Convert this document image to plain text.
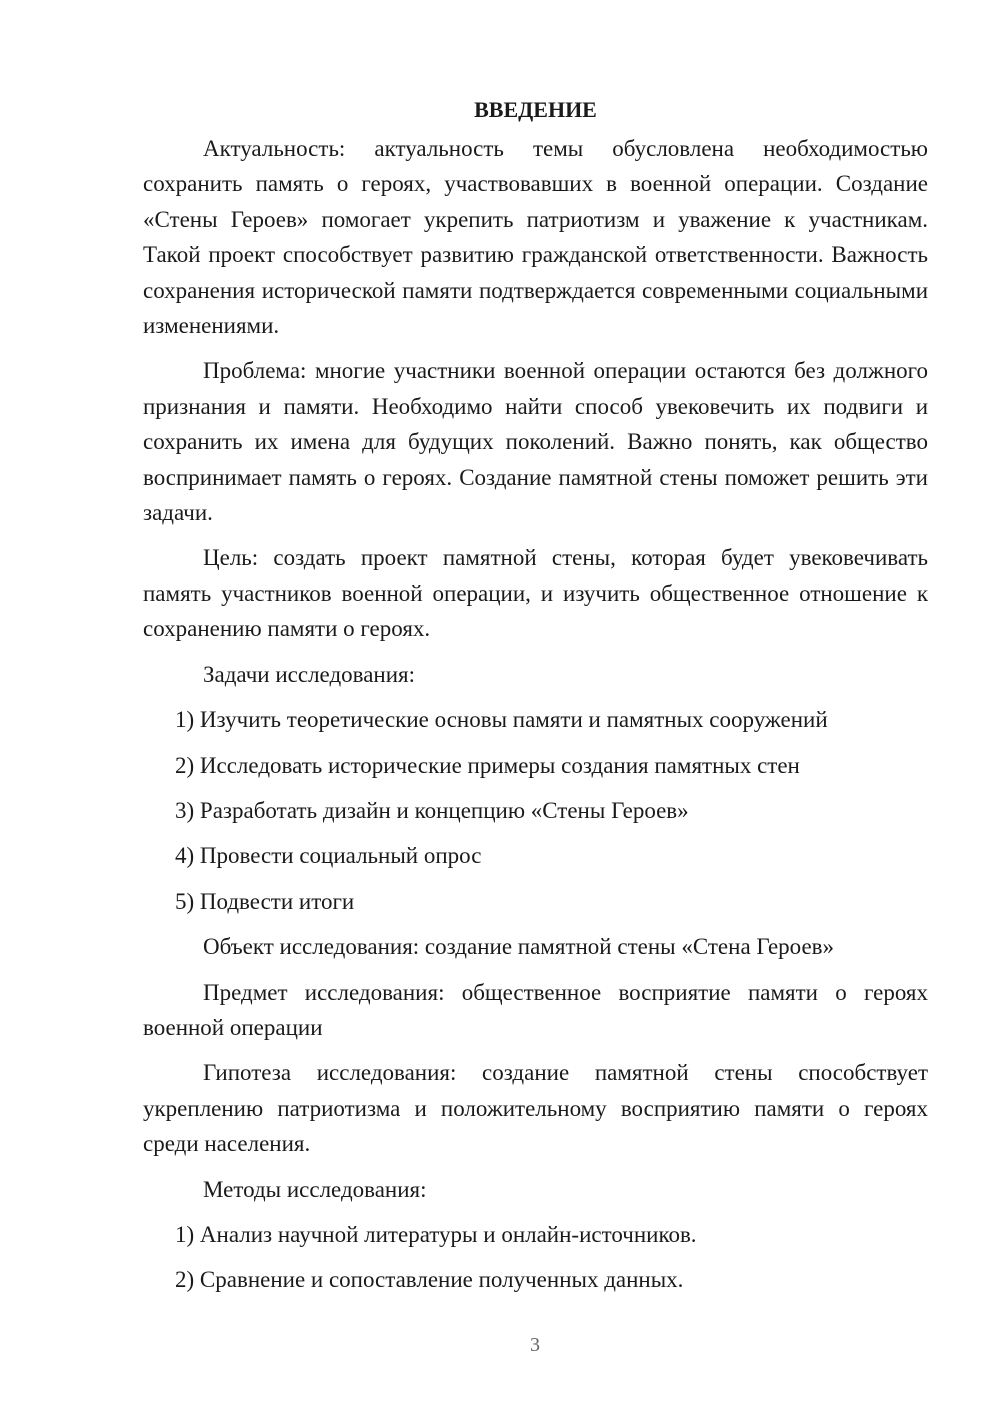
ВВЕДЕНИЕ

Актуальность: актуальность темы обусловлена необходимостью сохранить память о героях, участвовавших в военной операции. Создание «Стены Героев» помогает укрепить патриотизм и уважение к участникам. Такой проект способствует развитию гражданской ответственности. Важность сохранения исторической памяти подтверждается современными социальными изменениями.

Проблема: многие участники военной операции остаются без должного признания и памяти. Необходимо найти способ увековечить их подвиги и сохранить их имена для будущих поколений. Важно понять, как общество воспринимает память о героях. Создание памятной стены поможет решить эти задачи.

Цель: создать проект памятной стены, которая будет увековечивать память участников военной операции, и изучить общественное отношение к сохранению памяти о героях.

Задачи исследования:

1) Изучить теоретические основы памяти и памятных сооружений

2) Исследовать исторические примеры создания памятных стен

3) Разработать дизайн и концепцию «Стены Героев»

4) Провести социальный опрос

5) Подвести итоги

Объект исследования: создание памятной стены «Стена Героев»

Предмет исследования: общественное восприятие памяти о героях военной операции

Гипотеза исследования: создание памятной стены способствует укреплению патриотизма и положительному восприятию памяти о героях среди населения.

Методы исследования:

1) Анализ научной литературы и онлайн-источников.

2) Сравнение и сопоставление полученных данных.

3
